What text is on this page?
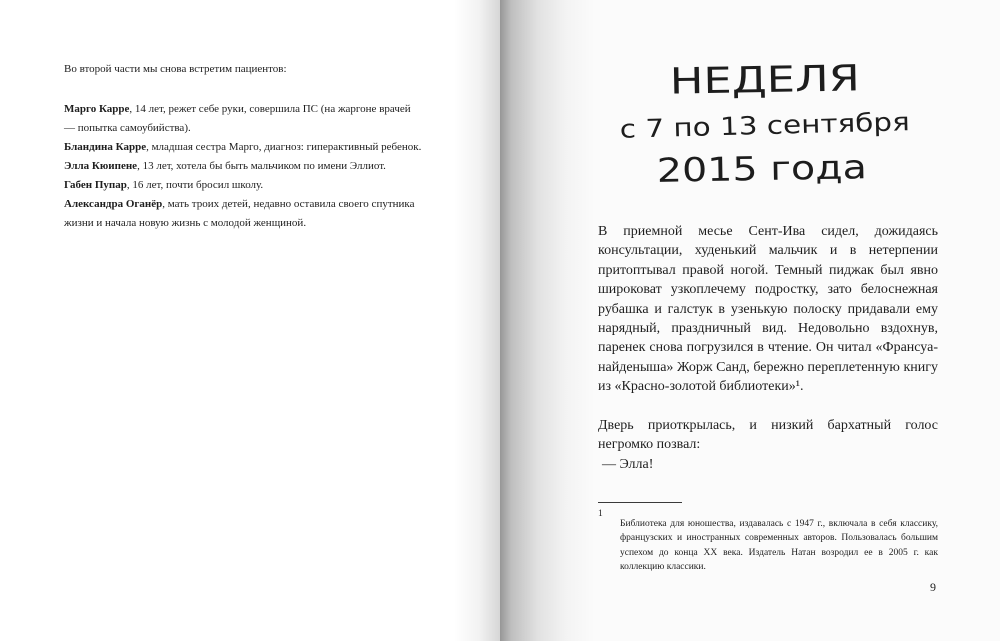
Во второй части мы снова встретим пациентов:

Марго Карре, 14 лет, режет себе руки, совершила ПС (на жаргоне врачей — попытка самоубийства).

Бландина Карре, младшая сестра Марго, диагноз: гиперактивный ребенок.

Элла Кюипене, 13 лет, хотела бы быть мальчиком по имени Эллиот.

Габен Пупар, 16 лет, почти бросил школу.

Александра Оганёр, мать троих детей, недавно оставила своего спутника жизни и начала новую жизнь с молодой женщиной.

НЕДЕЛЯ
с 7 по 13 сентября
2015 года

В приемной месье Сент-Ива сидел, дожидаясь консультации, худенький мальчик и в нетерпении притоптывал правой ногой. Темный пиджак был явно широковат узкоплечему подростку, зато белоснежная рубашка и галстук в узенькую полоску придавали ему нарядный, праздничный вид. Недовольно вздохнув, паренек снова погрузился в чтение. Он читал «Франсуа-найденыша» Жорж Санд, бережно переплетенную книгу из «Красно-золотой библиотеки»¹.

Дверь приоткрылась, и низкий бархатный голос негромко позвал:

— Элла!

1

Библиотека для юношества, издавалась с 1947 г., включала в себя классику, французских и иностранных современных авторов. Пользовалась большим успехом до конца XX века. Издатель Натан возродил ее в 2005 г. как коллекцию классики.

9
